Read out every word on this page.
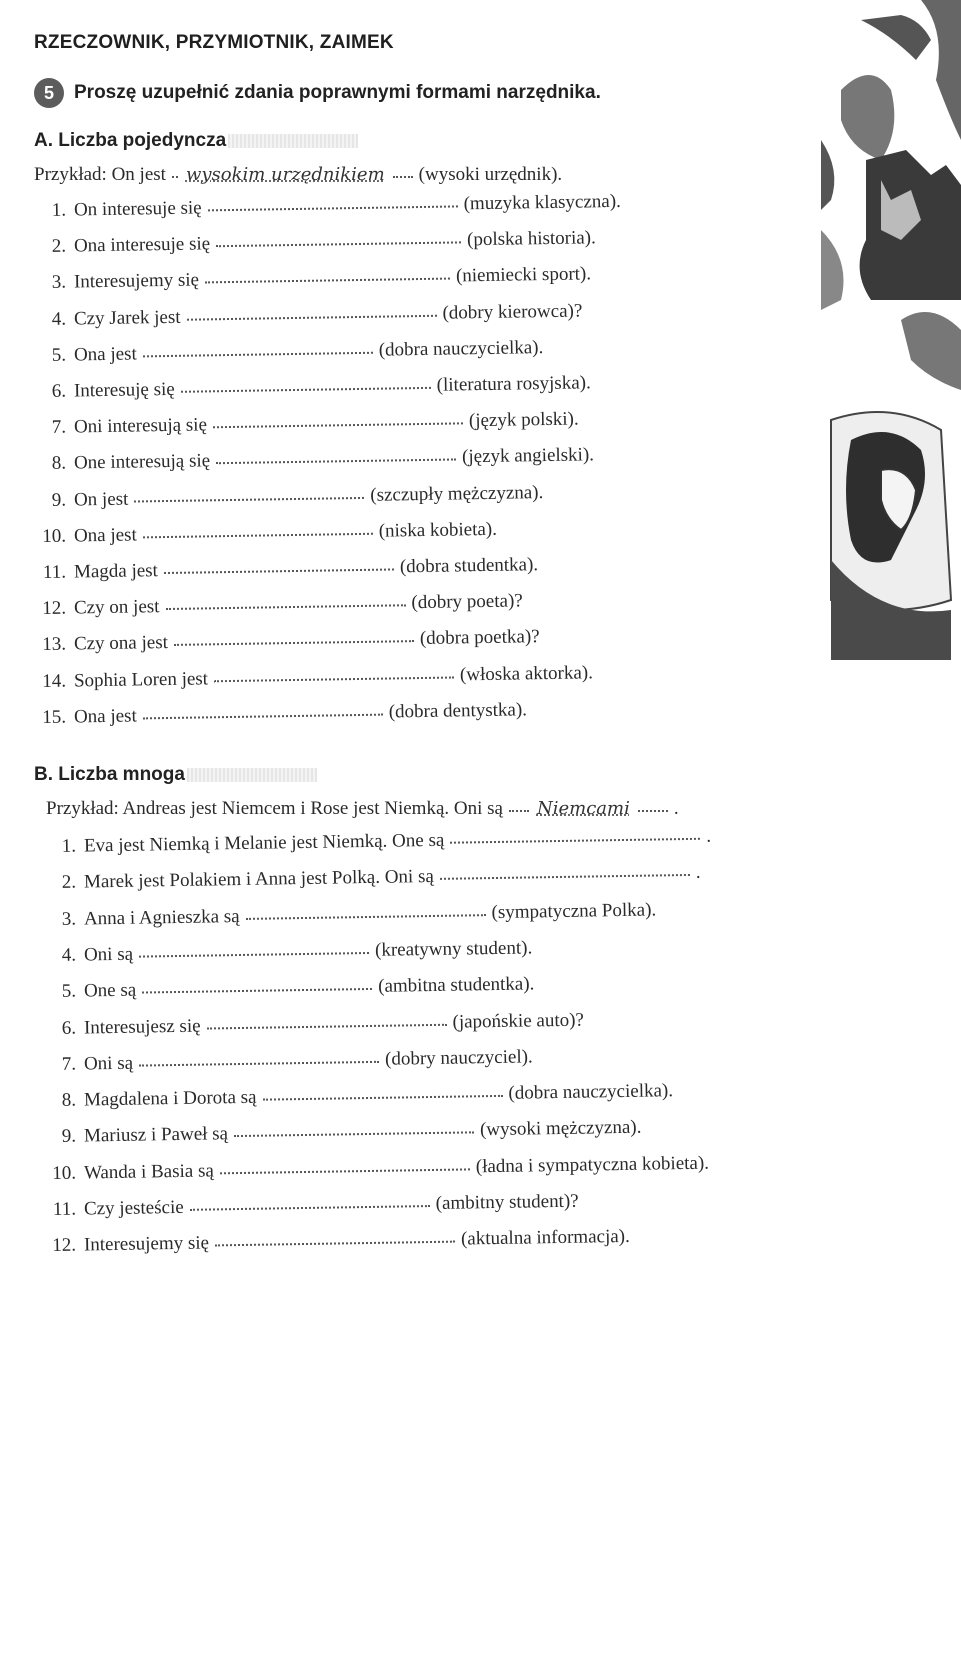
RZECZOWNIK, PRZYMIOTNIK, ZAIMEK
5	Proszę uzupełnić zdania poprawnymi formami narzędnika.
A. Liczba pojedyncza
Przykład: On jest wysokim urzędnikiem (wysoki urzędnik).
1. On interesuje się	(muzyka klasyczna).
2. Ona interesuje się	(polska historia).
3. Interesujemy się	(niemiecki sport).
4. Czy Jarek jest	(dobry kierowca)?
5. Ona jest	(dobra nauczycielka).
6. Interesuję się	(literatura rosyjska).
7. Oni interesują się	(język polski).
8. One interesują się	(język angielski).
9. On jest	(szczupły mężczyzna).
10. Ona jest	(niska kobieta).
11. Magda jest	(dobra studentka).
12. Czy on jest	(dobry poeta)?
13. Czy ona jest	(dobra poetka)?
14. Sophia Loren jest	(włoska aktorka).
15. Ona jest	(dobra dentystka).
B. Liczba mnoga
Przykład: Andreas jest Niemcem i Rose jest Niemką. Oni są Niemcami .
1. Eva jest Niemką i Melanie jest Niemką. One są	.
2. Marek jest Polakiem i Anna jest Polką. Oni są	.
3. Anna i Agnieszka są	(sympatyczna Polka).
4. Oni są	(kreatywny student).
5. One są	(ambitna studentka).
6. Interesujesz się	(japońskie auto)?
7. Oni są	(dobry nauczyciel).
8. Magdalena i Dorota są	(dobra nauczycielka).
9. Mariusz i Paweł są	(wysoki mężczyzna).
10. Wanda i Basia są	(ładna i sympatyczna kobieta).
11. Czy jesteście	(ambitny student)?
12. Interesujemy się	(aktualna informacja).
